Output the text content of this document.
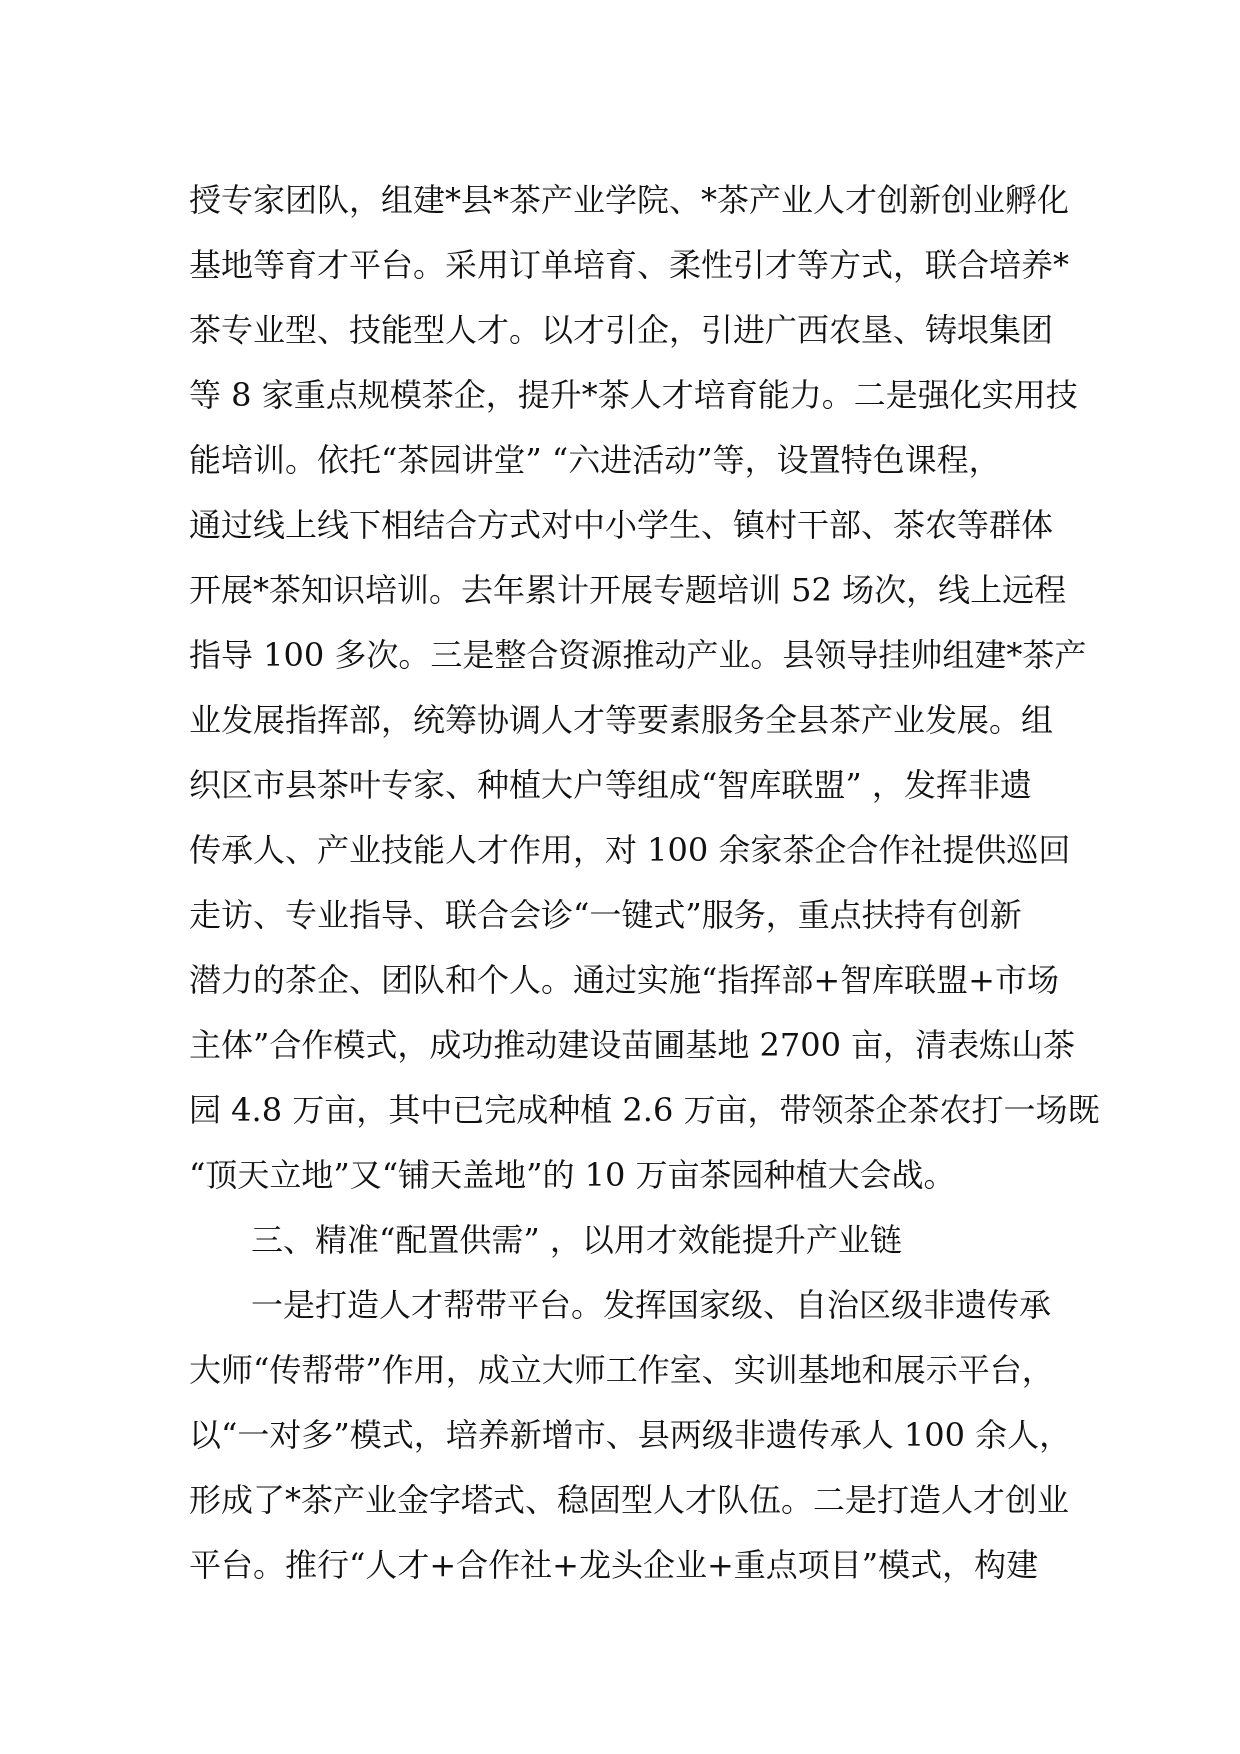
授专家团队，组建*县*茶产业学院、*茶产业人才创新创业孵化
基地等育才平台。采用订单培育、柔性引才等方式，联合培养*
茶专业型、技能型人才。以才引企，引进广西农垦、铸垠集团
等 8 家重点规模茶企，提升*茶人才培育能力。二是强化实用技
能培训。依托“茶园讲堂” “六进活动”等，设置特色课程，
通过线上线下相结合方式对中小学生、镇村干部、茶农等群体
开展*茶知识培训。去年累计开展专题培训 52 场次，线上远程
指导 100 多次。三是整合资源推动产业。县领导挂帅组建*茶产
业发展指挥部，统筹协调人才等要素服务全县茶产业发展。组
织区市县茶叶专家、种植大户等组成“智库联盟” ，发挥非遗
传承人、产业技能人才作用，对 100 余家茶企合作社提供巡回
走访、专业指导、联合会诊“一键式”服务，重点扶持有创新
潜力的茶企、团队和个人。通过实施“指挥部+智库联盟+市场
主体”合作模式，成功推动建设苗圃基地 2700 亩，清表炼山茶
园 4.8 万亩，其中已完成种植 2.6 万亩，带领茶企茶农打一场既
“顶天立地”又“铺天盖地”的 10 万亩茶园种植大会战。
三、精准“配置供需” ，以用才效能提升产业链
一是打造人才帮带平台。发挥国家级、自治区级非遗传承
大师“传帮带”作用，成立大师工作室、实训基地和展示平台，
以“一对多”模式，培养新增市、县两级非遗传承人 100 余人，
形成了*茶产业金字塔式、稳固型人才队伍。二是打造人才创业
平台。推行“人才+合作社+龙头企业+重点项目”模式，构建
